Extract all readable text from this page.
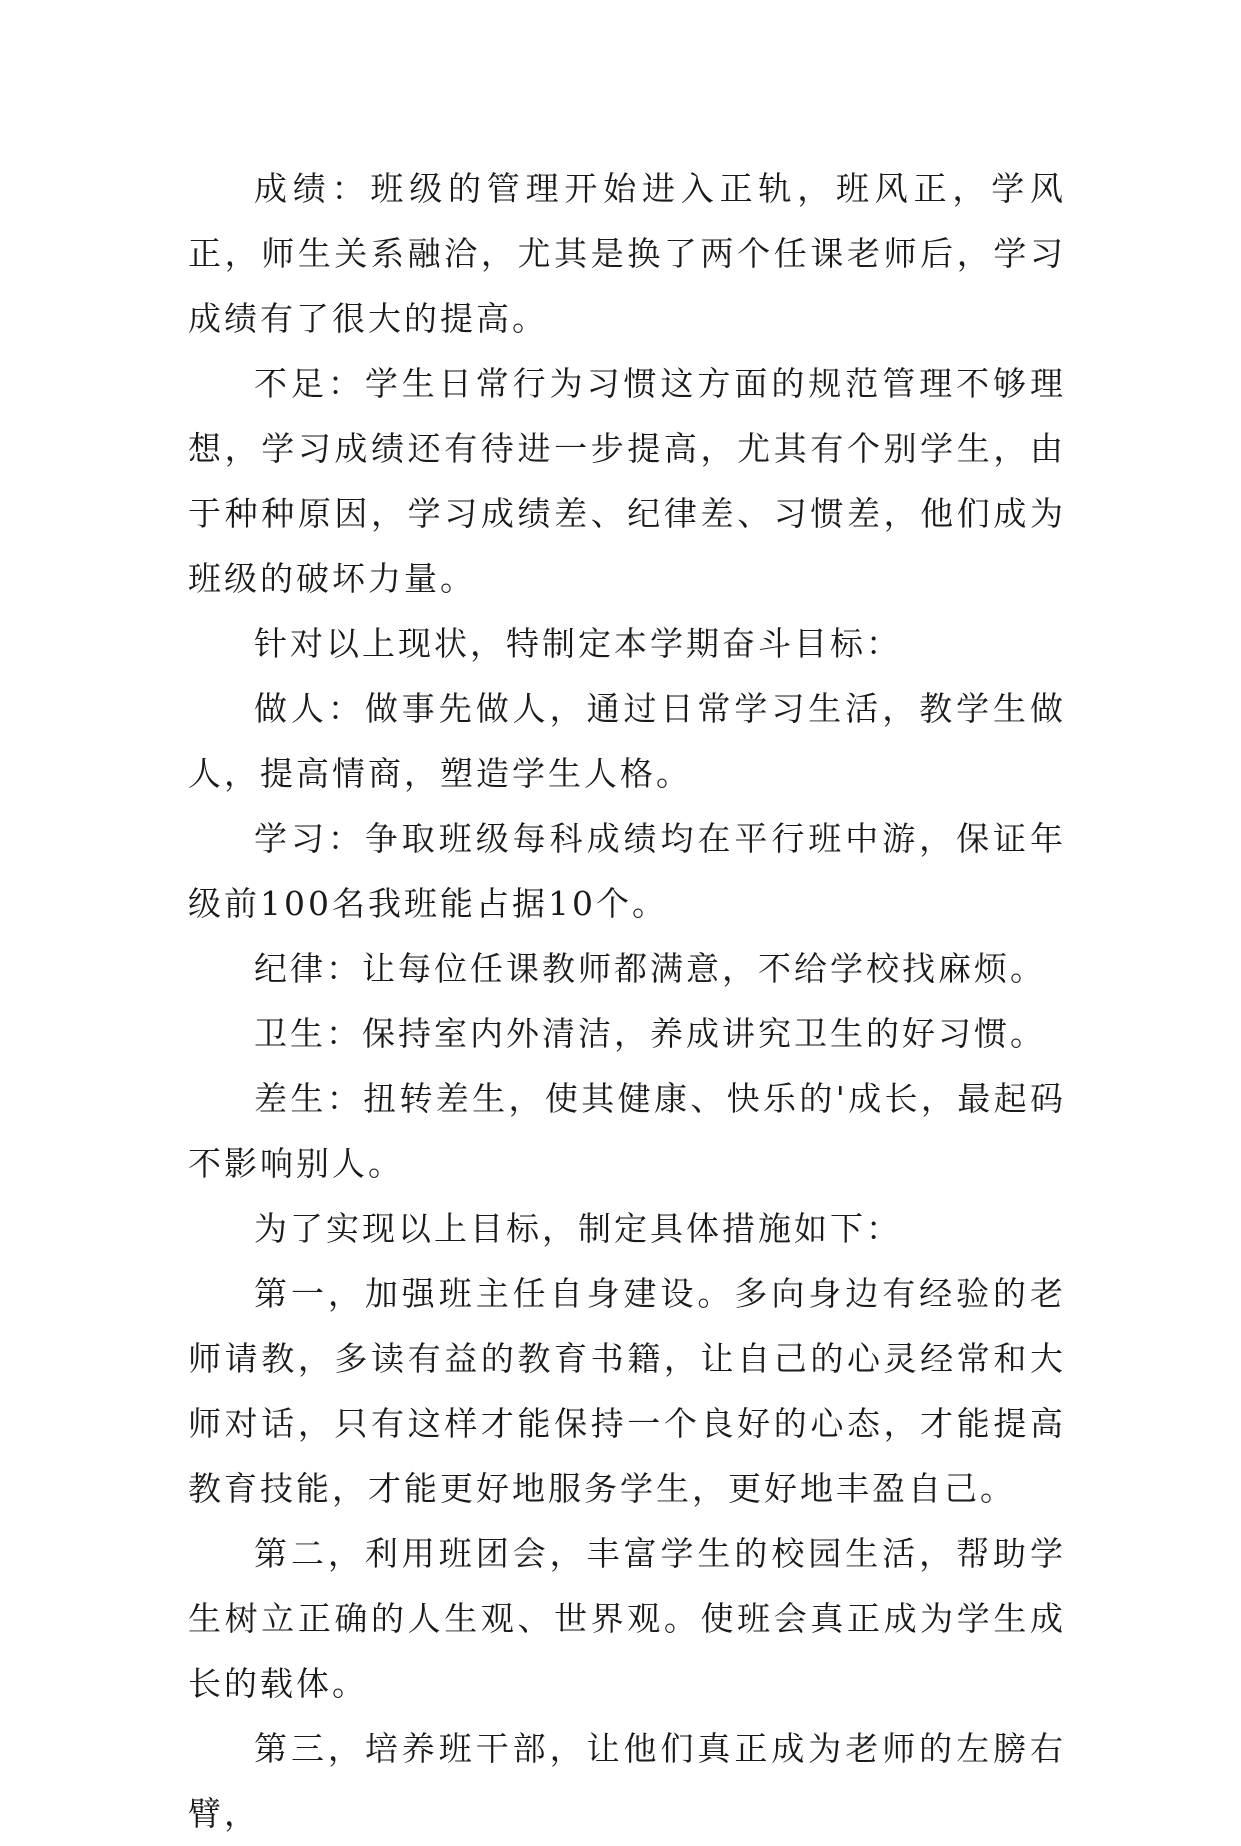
成绩：班级的管理开始进入正轨，班风正，学风正，师生关系融洽，尤其是换了两个任课老师后，学习成绩有了很大的提高。

不足：学生日常行为习惯这方面的规范管理不够理想，学习成绩还有待进一步提高，尤其有个别学生，由于种种原因，学习成绩差、纪律差、习惯差，他们成为班级的破坏力量。

针对以上现状，特制定本学期奋斗目标：

做人：做事先做人，通过日常学习生活，教学生做人，提高情商，塑造学生人格。

学习：争取班级每科成绩均在平行班中游，保证年级前100名我班能占据10个。

纪律：让每位任课教师都满意，不给学校找麻烦。

卫生：保持室内外清洁，养成讲究卫生的好习惯。

差生：扭转差生，使其健康、快乐的'成长，最起码不影响别人。

为了实现以上目标，制定具体措施如下：

第一，加强班主任自身建设。多向身边有经验的老师请教，多读有益的教育书籍，让自己的心灵经常和大师对话，只有这样才能保持一个良好的心态，才能提高教育技能，才能更好地服务学生，更好地丰盈自己。

第二，利用班团会，丰富学生的校园生活，帮助学生树立正确的人生观、世界观。使班会真正成为学生成长的载体。

第三，培养班干部，让他们真正成为老师的左膀右臂，
